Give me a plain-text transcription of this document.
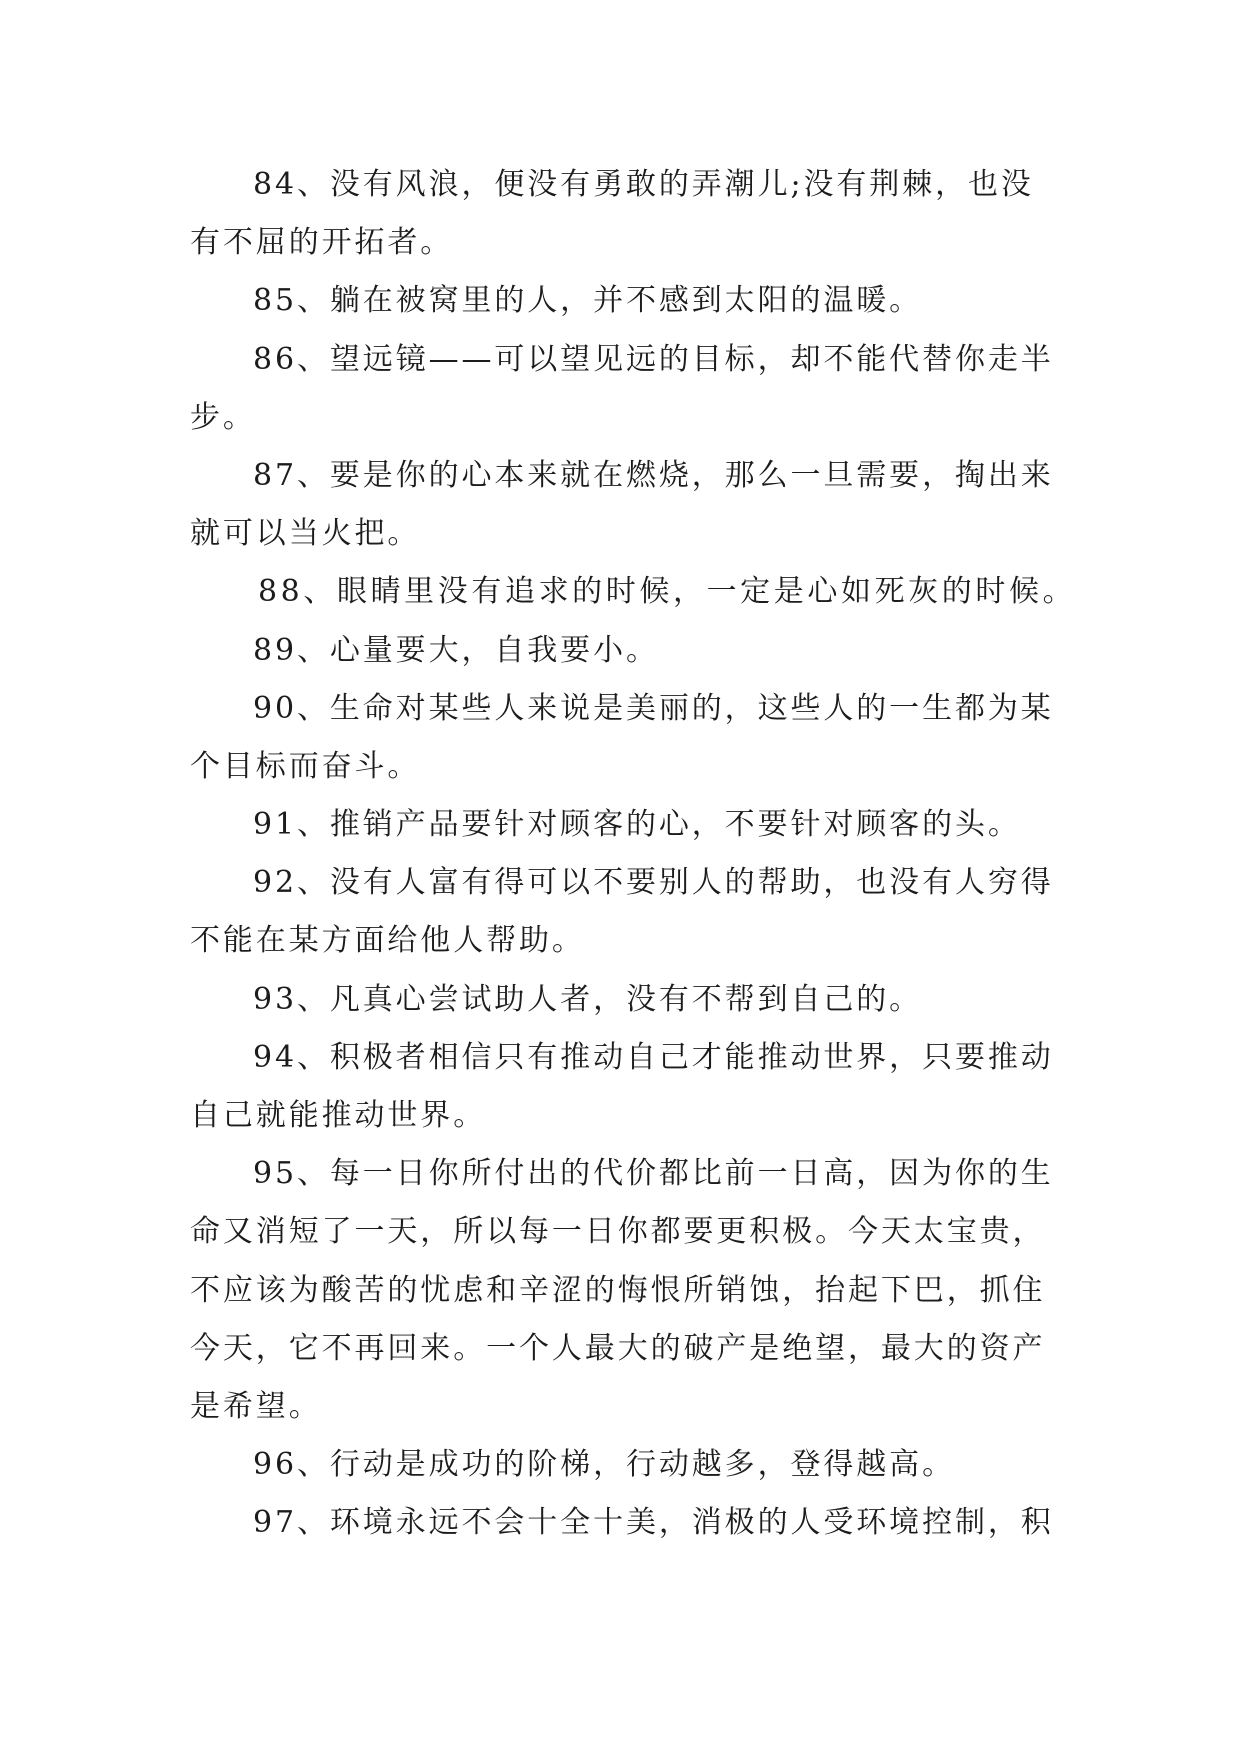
84、没有风浪，便没有勇敢的弄潮儿;没有荆棘，也没
有不屈的开拓者。
85、躺在被窝里的人，并不感到太阳的温暖。
86、望远镜——可以望见远的目标，却不能代替你走半
步。
87、要是你的心本来就在燃烧，那么一旦需要，掏出来
就可以当火把。
88、眼睛里没有追求的时候，一定是心如死灰的时候。
89、心量要大，自我要小。
90、生命对某些人来说是美丽的，这些人的一生都为某
个目标而奋斗。
91、推销产品要针对顾客的心，不要针对顾客的头。
92、没有人富有得可以不要别人的帮助，也没有人穷得
不能在某方面给他人帮助。
93、凡真心尝试助人者，没有不帮到自己的。
94、积极者相信只有推动自己才能推动世界，只要推动
自己就能推动世界。
95、每一日你所付出的代价都比前一日高，因为你的生
命又消短了一天，所以每一日你都要更积极。今天太宝贵，
不应该为酸苦的忧虑和辛涩的悔恨所销蚀，抬起下巴，抓住
今天，它不再回来。一个人最大的破产是绝望，最大的资产
是希望。
96、行动是成功的阶梯，行动越多，登得越高。
97、环境永远不会十全十美，消极的人受环境控制，积
